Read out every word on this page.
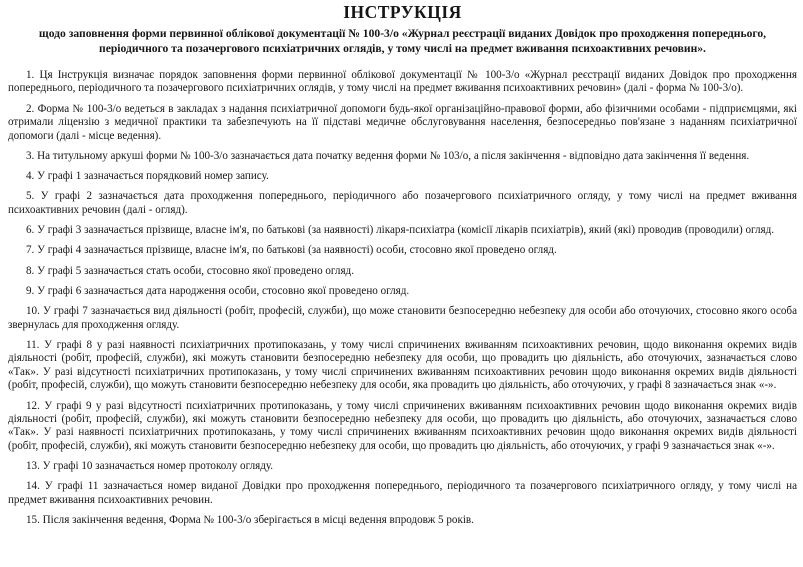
ІНСТРУКЦІЯ
щодо заповнення форми первинної облікової документації № 100-3/о «Журнал реєстрації виданих Довідок про проходження попереднього, періодичного та позачергового психіатричних оглядів, у тому числі на предмет вживання психоактивних речовин».
1. Ця Інструкція визначає порядок заповнення форми первинної облікової документації № 100-3/о «Журнал реєстрації виданих Довідок про проходження попереднього, періодичного та позачергового психіатричних оглядів, у тому числі на предмет вживання психоактивних речовин» (далі - форма № 100-3/о).
2. Форма № 100-3/о ведеться в закладах з надання психіатричної допомоги будь-якої організаційно-правової форми, або фізичними особами - підприємцями, які отримали ліцензію з медичної практики та забезпечують на її підставі медичне обслуговування населення, безпосередньо пов'язане з наданням психіатричної допомоги (далі - місце ведення).
3. На титульному аркуші форми № 100-3/о зазначається дата початку ведення форми № 103/о, а після закінчення - відповідно дата закінчення її ведення.
4. У графі 1 зазначається порядковий номер запису.
5. У графі 2 зазначається дата проходження попереднього, періодичного або позачергового психіатричного огляду, у тому числі на предмет вживання психоактивних речовин (далі - огляд).
6. У графі 3 зазначається прізвище, власне ім'я, по батькові (за наявності) лікаря-психіатра (комісії лікарів психіатрів), який (які) проводив (проводили) огляд.
7. У графі 4 зазначається прізвище, власне ім'я, по батькові (за наявності) особи, стосовно якої проведено огляд.
8. У графі 5 зазначається стать особи, стосовно якої проведено огляд.
9. У графі 6 зазначається дата народження особи, стосовно якої проведено огляд.
10. У графі 7 зазначається вид діяльності (робіт, професій, служби), що може становити безпосередню небезпеку для особи або оточуючих, стосовно якого особа звернулась для проходження огляду.
11. У графі 8 у разі наявності психіатричних протипоказань, у тому числі спричинених вживанням психоактивних речовин, щодо виконання окремих видів діяльності (робіт, професій, служби), які можуть становити безпосередню небезпеку для особи, що провадить цю діяльність, або оточуючих, зазначається слово «Так». У разі відсутності психіатричних протипоказань, у тому числі спричинених вживанням психоактивних речовин щодо виконання окремих видів діяльності (робіт, професій, служби), що можуть становити безпосередню небезпеку для особи, яка провадить цю діяльність, або оточуючих, у графі 8 зазначається знак «-».
12. У графі 9 у разі відсутності психіатричних протипоказань, у тому числі спричинених вживанням психоактивних речовин щодо виконання окремих видів діяльності (робіт, професій, служби), які можуть становити безпосередню небезпеку для особи, що провадить цю діяльність, або оточуючих, зазначається слово «Так». У разі наявності психіатричних протипоказань, у тому числі спричинених вживанням психоактивних речовин щодо виконання окремих видів діяльності (робіт, професій, служби), які можуть становити безпосередню небезпеку для особи, що провадить цю діяльність, або оточуючих, у графі 9 зазначається знак «-».
13. У графі 10 зазначається номер протоколу огляду.
14. У графі 11 зазначається номер виданої Довідки про проходження попереднього, періодичного та позачергового психіатричного огляду, у тому числі на предмет вживання психоактивних речовин.
15. Після закінчення ведення, Форма № 100-3/о зберігається в місці ведення впродовж 5 років.
